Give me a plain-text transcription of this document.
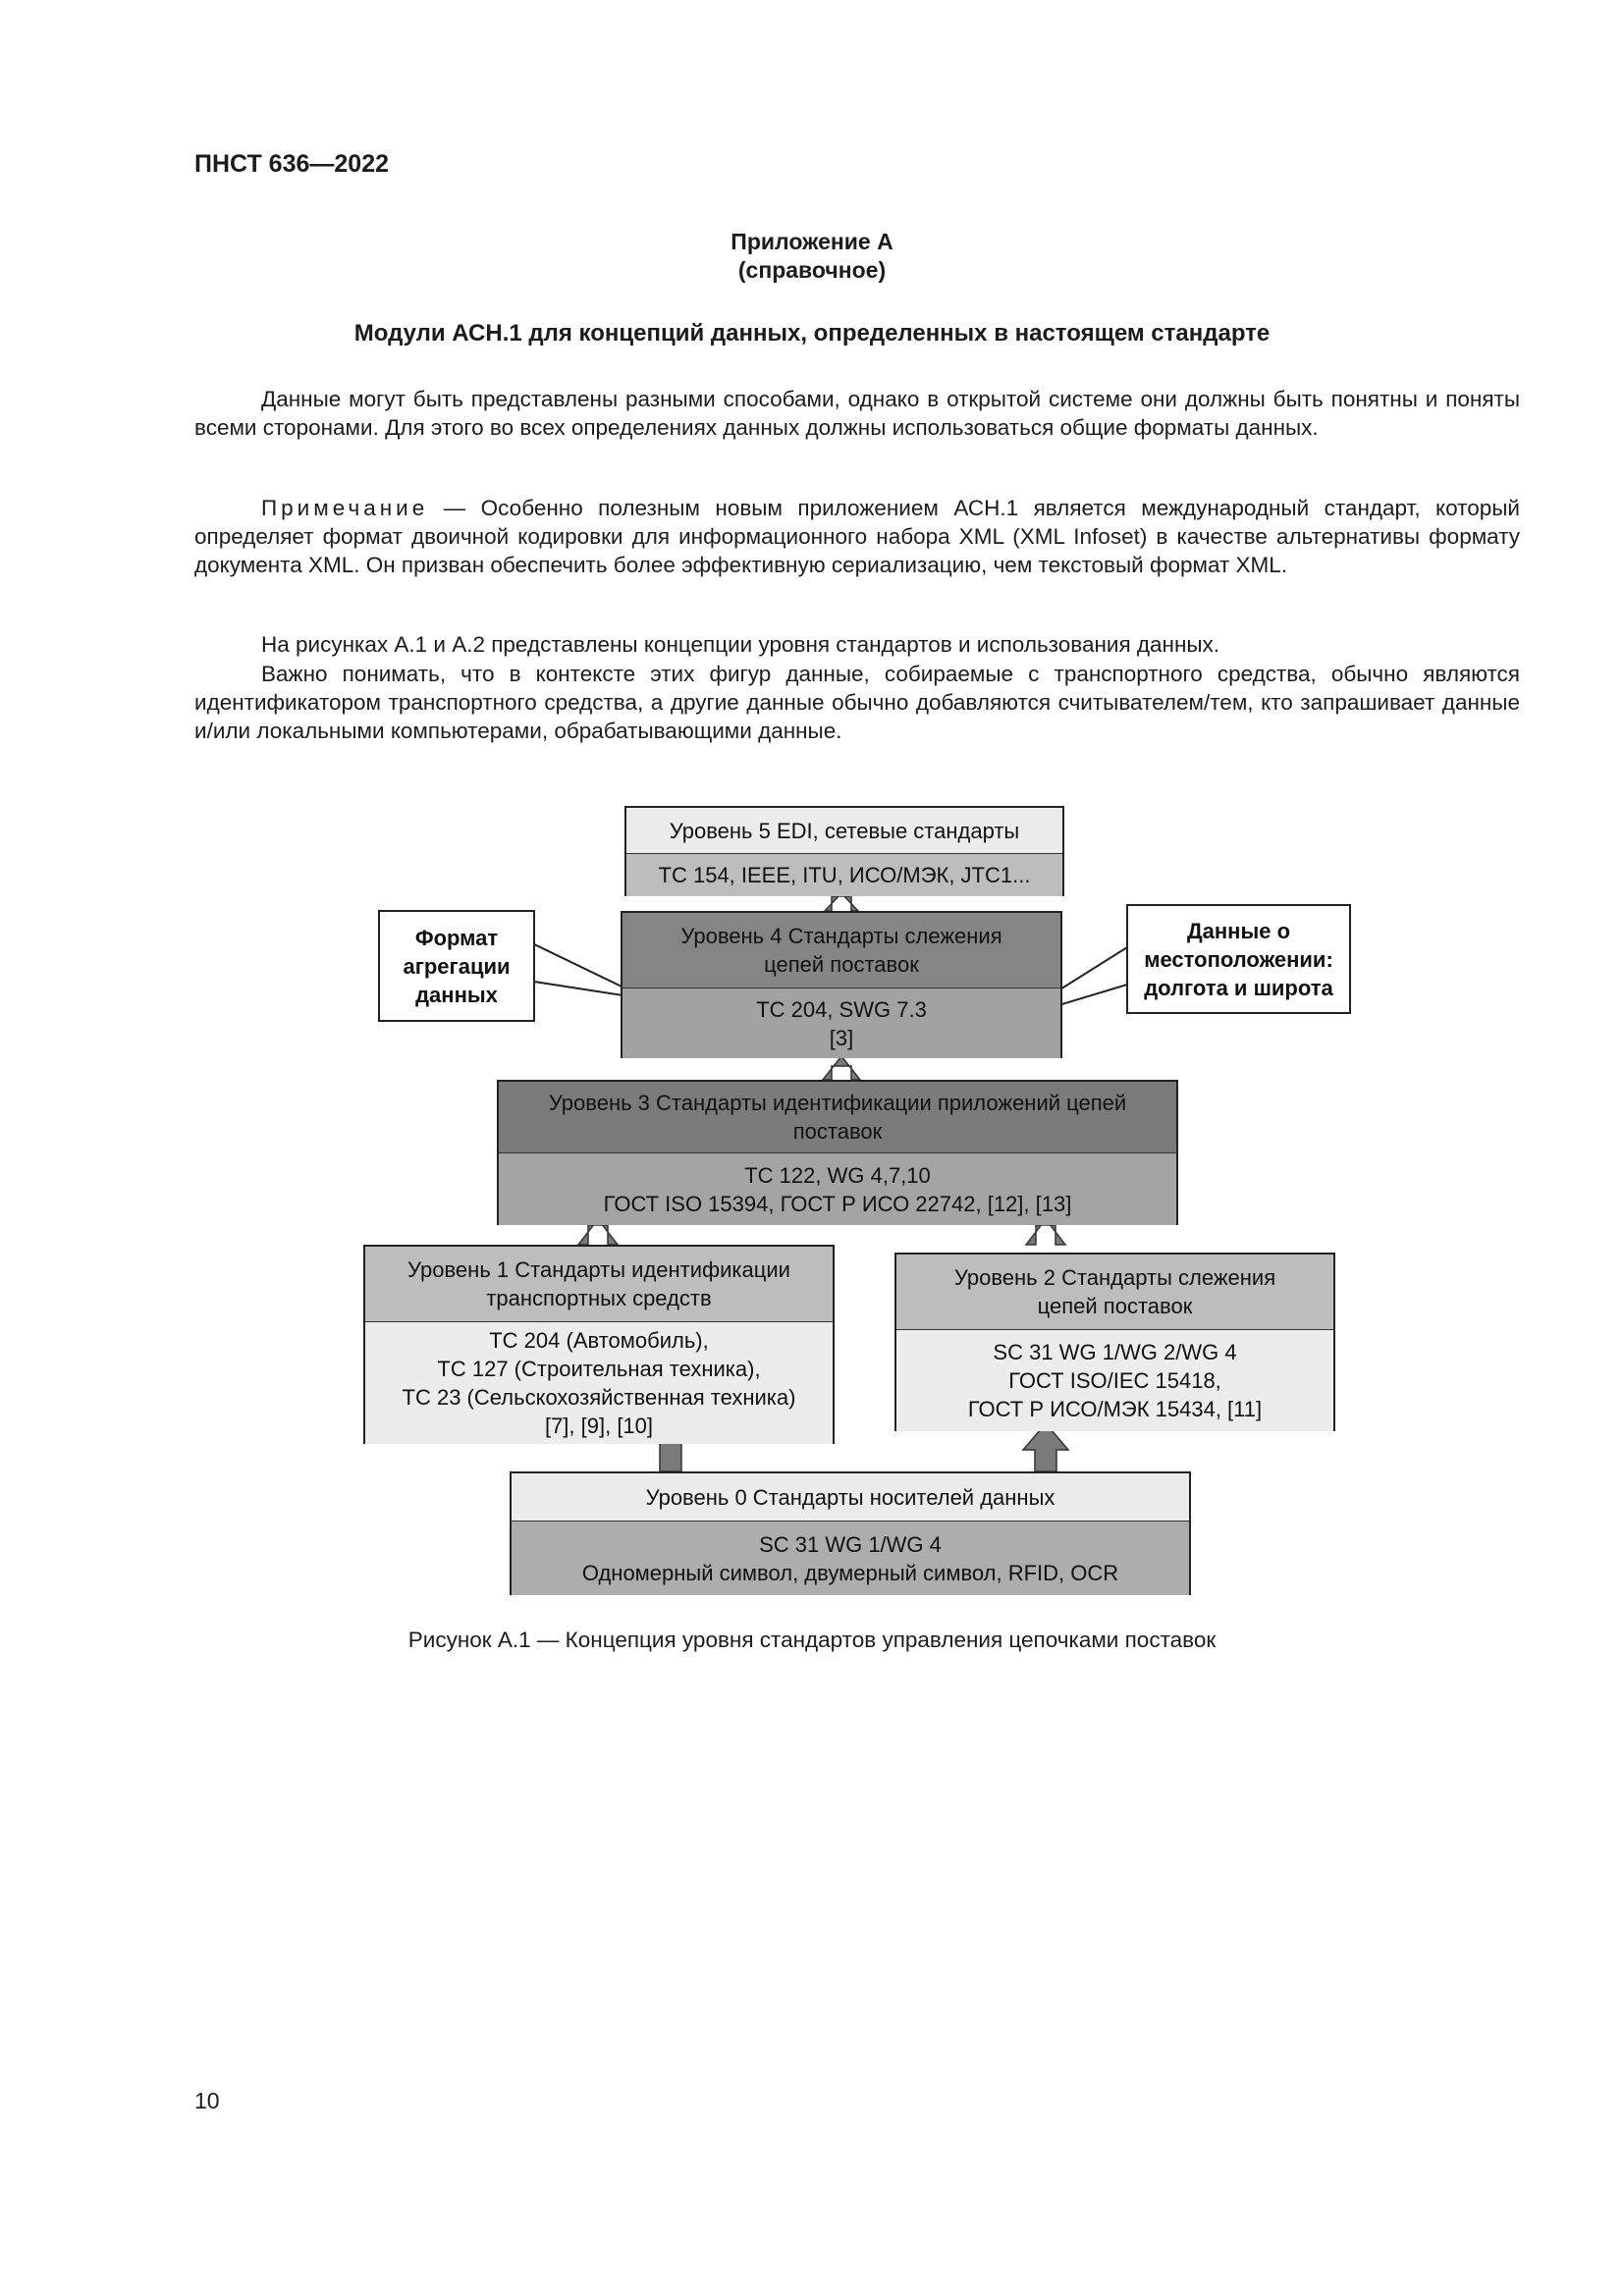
ПНСТ 636—2022

Приложение А

(справочное)

Модули АСН.1 для концепций данных, определенных в настоящем стандарте

Данные могут быть представлены разными способами, однако в открытой системе они должны быть понятны и поняты всеми сторонами. Для этого во всех определениях данных должны использоваться общие форматы данных.

Примечание — Особенно полезным новым приложением АСН.1 является международный стандарт, который определяет формат двоичной кодировки для информационного набора XML (XML Infoset) в качестве альтернативы формату документа XML. Он призван обеспечить более эффективную сериализацию, чем текстовый формат XML.

На рисунках А.1 и А.2 представлены концепции уровня стандартов и использования данных.

Важно понимать, что в контексте этих фигур данные, собираемые с транспортного средства, обычно являются идентификатором транспортного средства, а другие данные обычно добавляются считывателем/тем, кто запрашивает данные и/или локальными компьютерами, обрабатывающими данные.

Уровень 5 EDI, сетевые стандарты
TC 154, IEEE, ITU, ИСО/МЭК, JTC1...
Уровень 4 Стандарты слежения
цепей поставок
TC 204, SWG 7.3
[3]
Формат
агрегации
данных
Данные о
местоположении:
долгота и широта
Уровень 3 Стандарты идентификации приложений цепей
поставок
TC 122, WG 4,7,10
ГОСТ ISO 15394, ГОСТ Р ИСО 22742, [12], [13]
Уровень 1 Стандарты идентификации
транспортных средств
TC 204 (Автомобиль),
TC 127 (Строительная техника),
TC 23 (Сельскохозяйственная техника)
[7], [9], [10]
Уровень 2 Стандарты слежения
цепей поставок
SC 31 WG 1/WG 2/WG 4
ГОСТ ISO/IEC 15418,
ГОСТ Р ИСО/МЭК 15434, [11]
Уровень 0 Стандарты носителей данных
SC 31 WG 1/WG 4
Одномерный символ, двумерный символ, RFID, OCR

Рисунок А.1 — Концепция уровня стандартов управления цепочками поставок

10
